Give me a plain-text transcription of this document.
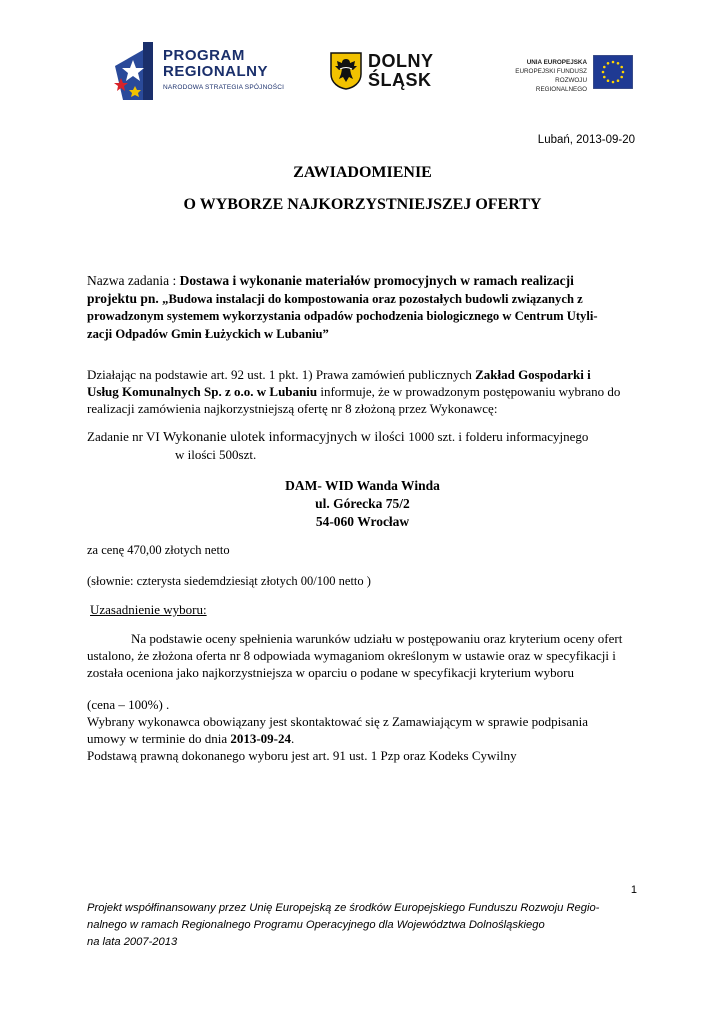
PROGRAM
REGIONALNY
NARODOWA STRATEGIA SPÓJNOŚCI
DOLNY
ŚLĄSK
UNIA EUROPEJSKA
EUROPEJSKI FUNDUSZ
ROZWOJU REGIONALNEGO
Lubań, 2013-09-20
ZAWIADOMIENIE
O WYBORZE NAJKORZYSTNIEJSZEJ OFERTY
Nazwa zadania : Dostawa i wykonanie materiałów promocyjnych w ramach realizacji
projektu pn. „Budowa instalacji do kompostowania oraz pozostałych budowli związanych z
prowadzonym systemem wykorzystania odpadów pochodzenia biologicznego w Centrum Utyli-
zacji Odpadów Gmin Łużyckich w Lubaniu”
Działając na podstawie art. 92 ust. 1 pkt. 1) Prawa zamówień publicznych Zakład Gospodarki i
Usług Komunalnych Sp. z o.o. w Lubaniu informuje, że w prowadzonym postępowaniu wybrano do
realizacji zamówienia najkorzystniejszą ofertę nr 8 złożoną przez Wykonawcę:
Zadanie nr VI Wykonanie ulotek informacyjnych w ilości 1000 szt. i folderu informacyjnego
w ilości 500szt.
DAM- WID Wanda Winda
ul. Górecka 75/2
54-060 Wrocław
za cenę 470,00 złotych netto
(słownie: czterysta siedemdziesiąt złotych 00/100 netto )
Uzasadnienie wyboru:
Na podstawie oceny spełnienia warunków udziału w postępowaniu oraz kryterium oceny ofert
ustalono, że złożona oferta nr 8 odpowiada wymaganiom określonym w ustawie oraz w specyfikacji i
została oceniona jako najkorzystniejsza w oparciu o podane w specyfikacji kryterium wyboru
(cena – 100%) .
Wybrany wykonawca obowiązany jest skontaktować się z Zamawiającym w sprawie podpisania
umowy w terminie do dnia 2013-09-24.
Podstawą prawną dokonanego wyboru jest art. 91 ust. 1 Pzp oraz Kodeks Cywilny
1
Projekt współfinansowany przez Unię Europejską ze środków Europejskiego Funduszu Rozwoju Regio-
nalnego w ramach Regionalnego Programu Operacyjnego dla Województwa Dolnośląskiego
na lata 2007-2013
